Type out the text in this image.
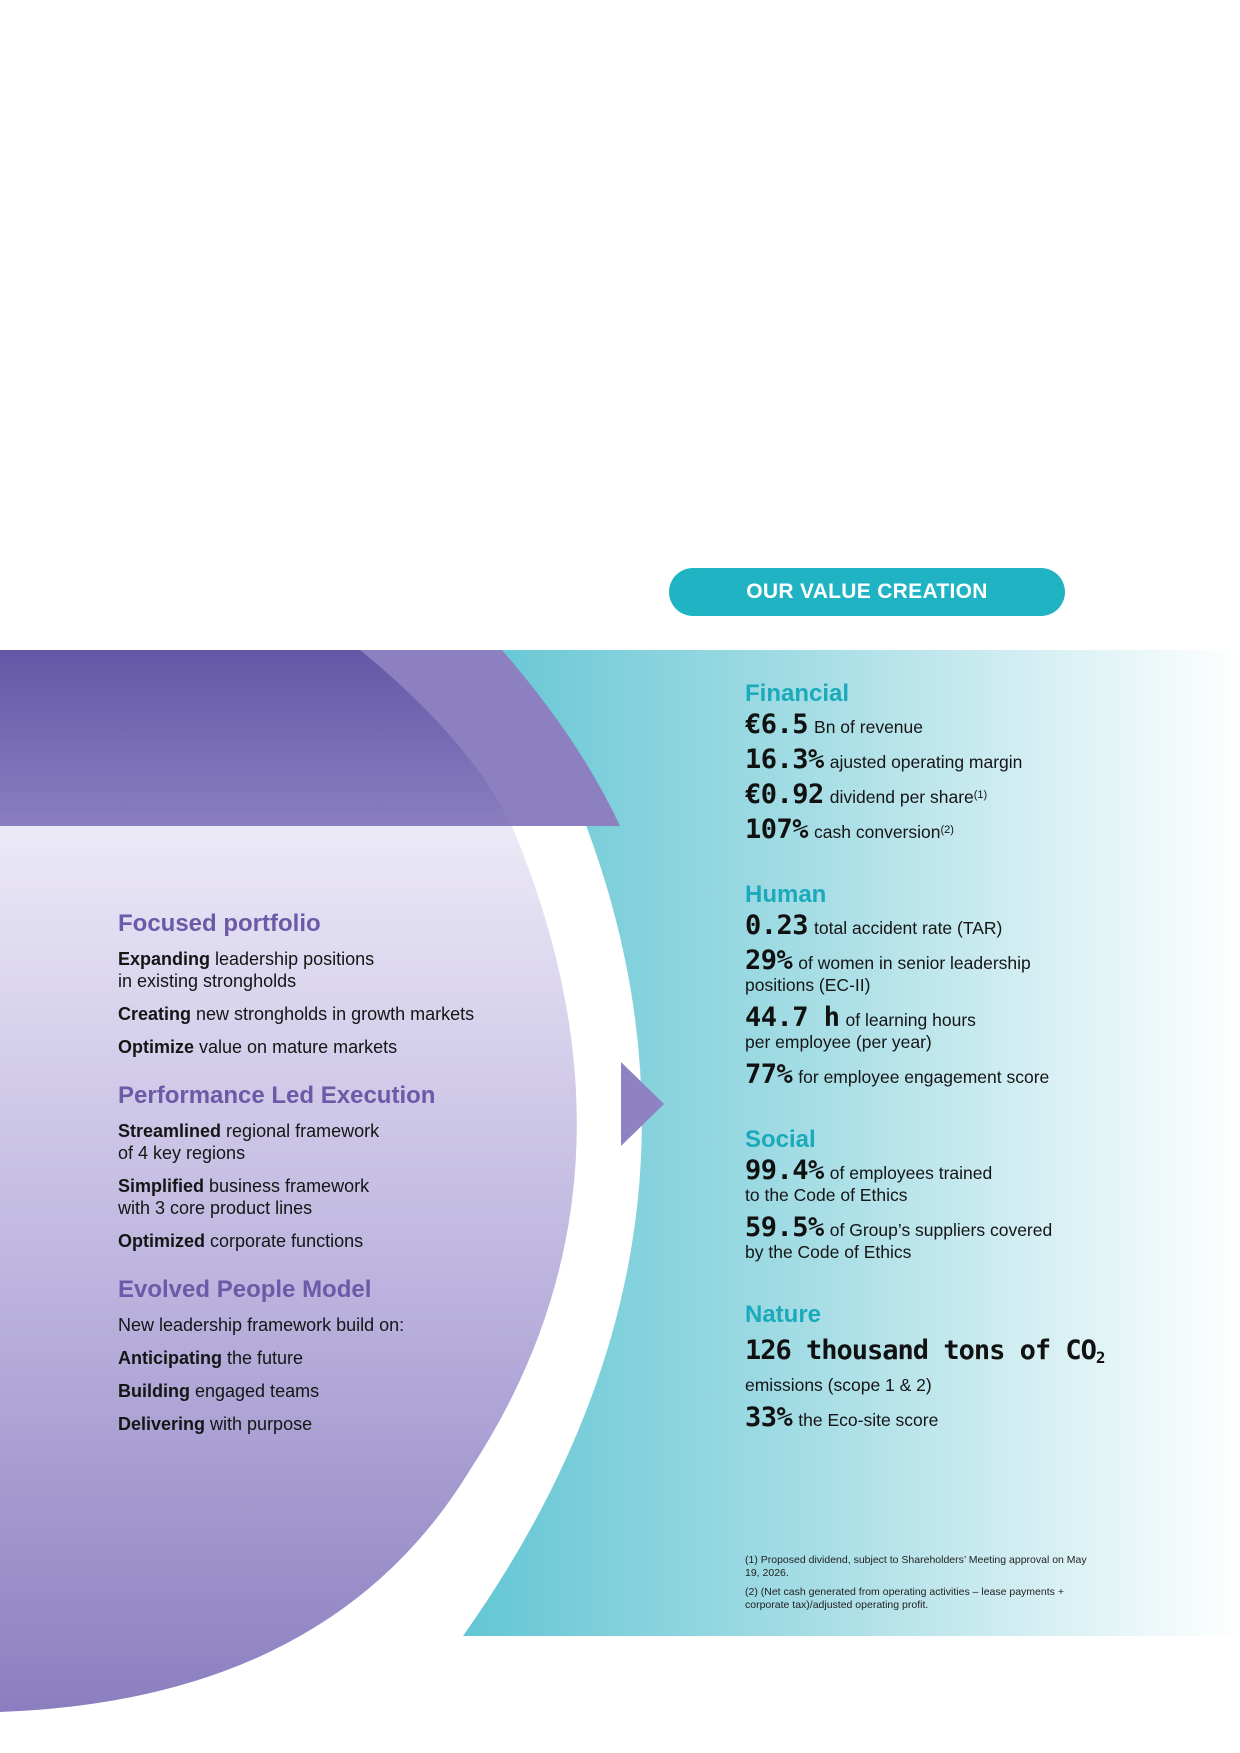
OUR VALUE CREATION
Focused portfolio
Expanding leadership positions
in existing strongholds
Creating new strongholds in growth markets
Optimize value on mature markets
Performance Led Execution
Streamlined regional framework
of 4 key regions
Simplified business framework
with 3 core product lines
Optimized corporate functions
Evolved People Model
New leadership framework build on:
Anticipating the future
Building engaged teams
Delivering with purpose
Financial
€6.5 Bn of revenue
16.3% ajusted operating margin
€0.92 dividend per share$^{(1)}$
107% cash conversion$^{(2)}$
Human
0.23 total accident rate (TAR)
29% of women in senior leadership
positions (EC-II)
44.7 h of learning hours
per employee (per year)
77% for employee engagement score
Social
99.4% of employees trained
to the Code of Ethics
59.5% of Group’s suppliers covered
by the Code of Ethics
Nature
126 thousand tons of $CO_2$
emissions (scope 1 & 2)
33% the Eco-site score
(1) Proposed dividend, subject to Shareholders’ Meeting approval on May 19, 2026.
(2) (Net cash generated from operating activities – lease payments + corporate tax)/adjusted operating profit.
